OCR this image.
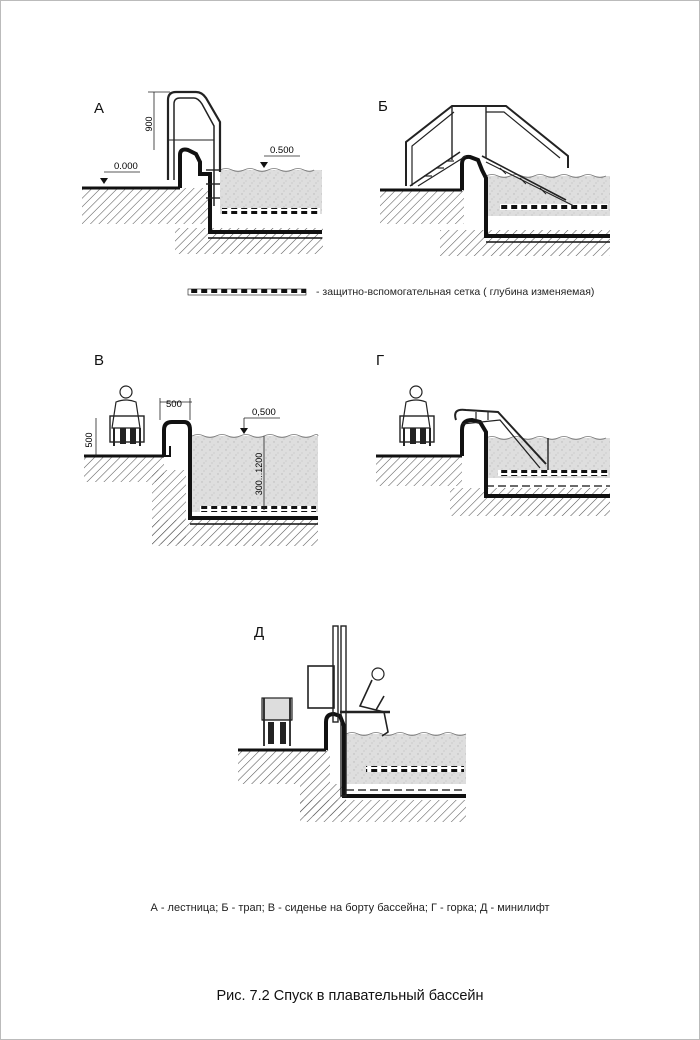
900
0.000
0.500
500
500
0,500
300...1200
А	Б
В	Г
Д
- защитно-вспомогательная сетка ( глубина изменяемая)
А - лестница; Б - трап; В - сиденье на борту бассейна; Г - горка; Д - минилифт
Рис. 7.2 Спуск в плавательный бассейн
